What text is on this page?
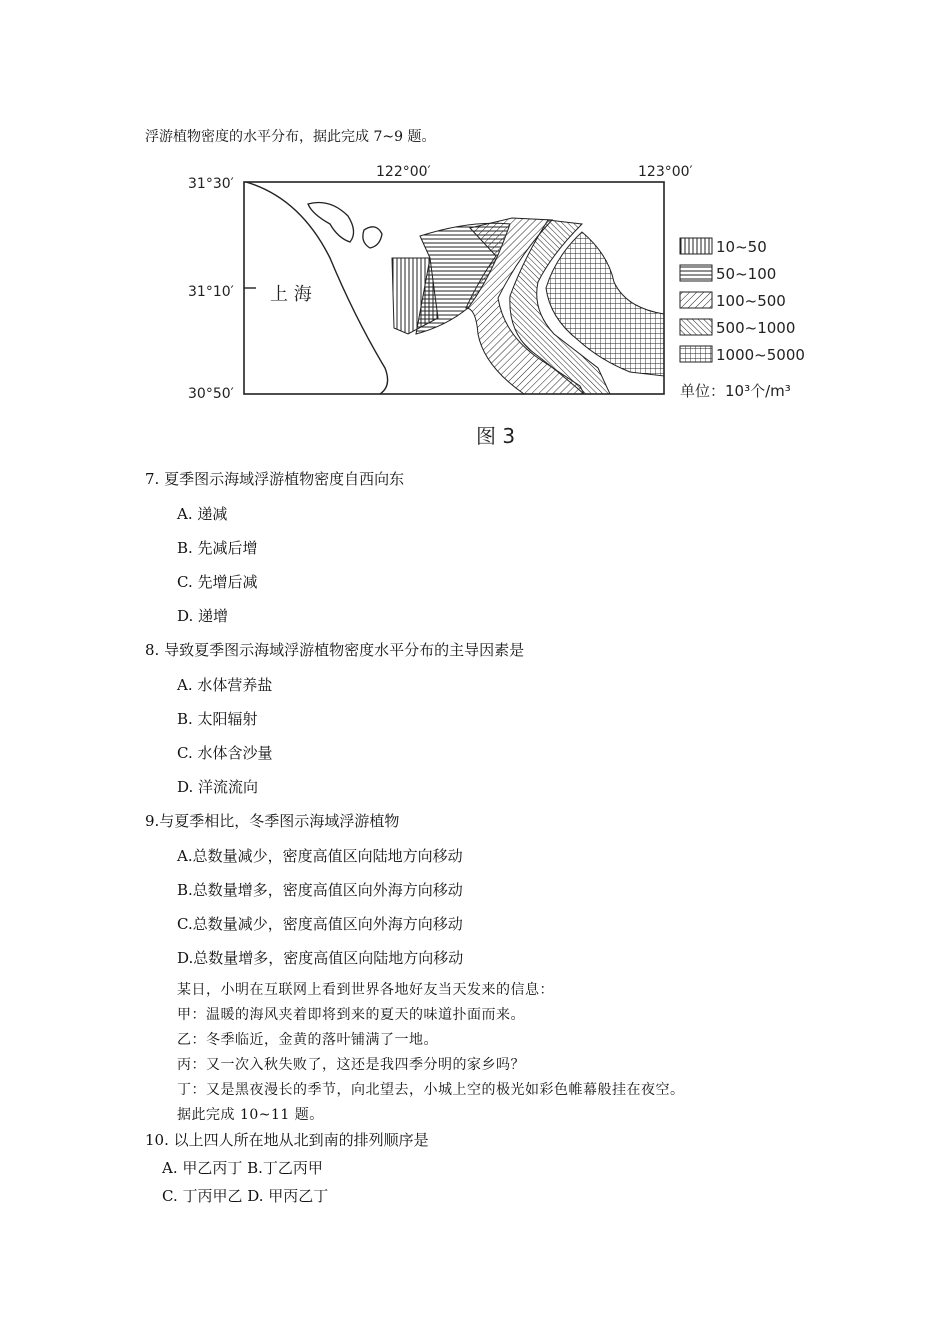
浮游植物密度的水平分布，据此完成 7~9 题。
122°00′	123°00′
31°30′
31°10′
30°50′
上 海
10~50
50~100
100~500
500~1000
1000~5000
单位：10³个/m³
图 3
7. 夏季图示海域浮游植物密度自西向东
A. 递减
B. 先减后增
C. 先增后减
D. 递增
8. 导致夏季图示海域浮游植物密度水平分布的主导因素是
A. 水体营养盐
B. 太阳辐射
C. 水体含沙量
D. 洋流流向
9.与夏季相比，冬季图示海域浮游植物
A.总数量减少，密度高值区向陆地方向移动
B.总数量增多，密度高值区向外海方向移动
C.总数量减少，密度高值区向外海方向移动
D.总数量增多，密度高值区向陆地方向移动
某日，小明在互联网上看到世界各地好友当天发来的信息：
甲：温暖的海风夹着即将到来的夏天的味道扑面而来。
乙：冬季临近，金黄的落叶铺满了一地。
丙：又一次入秋失败了，这还是我四季分明的家乡吗？
丁：又是黑夜漫长的季节，向北望去，小城上空的极光如彩色帷幕般挂在夜空。
据此完成 10~11 题。
10. 以上四人所在地从北到南的排列顺序是
A. 甲乙丙丁 B.丁乙丙甲
C. 丁丙甲乙 D. 甲丙乙丁
